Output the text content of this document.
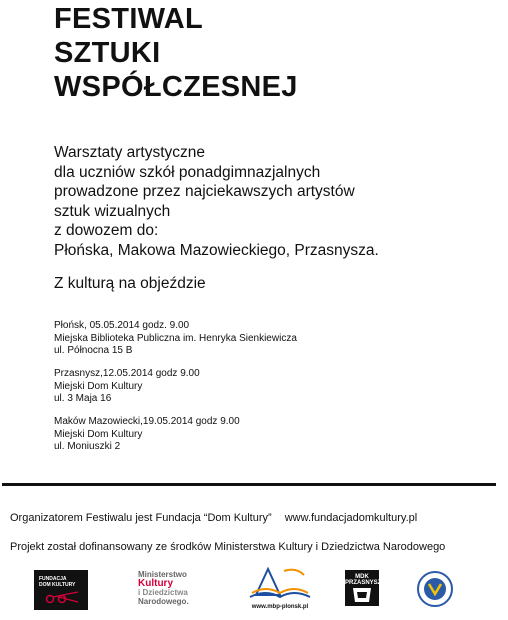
FESTIWAL
SZTUKI
WSPÓŁCZESNEJ
Warsztaty artystyczne
dla uczniów szkół ponadgimnazjalnych
prowadzone przez najciekawszych artystów
sztuk wizualnych
z dowozem do:
Płońska, Makowa Mazowieckiego, Przasnysza.
Z kulturą na objeździe
Płońsk, 05.05.2014 godz. 9.00
Miejska Biblioteka Publiczna im. Henryka Sienkiewicza
ul. Północna 15 B
Przasnysz,12.05.2014 godz 9.00
Miejski Dom Kultury
ul. 3 Maja 16
Maków Mazowiecki,19.05.2014 godz 9.00
Miejski Dom Kultury
ul. Moniuszki 2
Organizatorem Festiwalu jest Fundacja “Dom Kultury” www.fundacjadomkultury.pl
Projekt został dofinansowany ze środków Ministerstwa Kultury i Dziedzictwa Narodowego
FUNDACJA
DOM KULTURY
Ministerstwo
Kultury
i Dziedzictwa
Narodowego.
www.mbp-plonsk.pl
MDK
PRZASNYSZ
